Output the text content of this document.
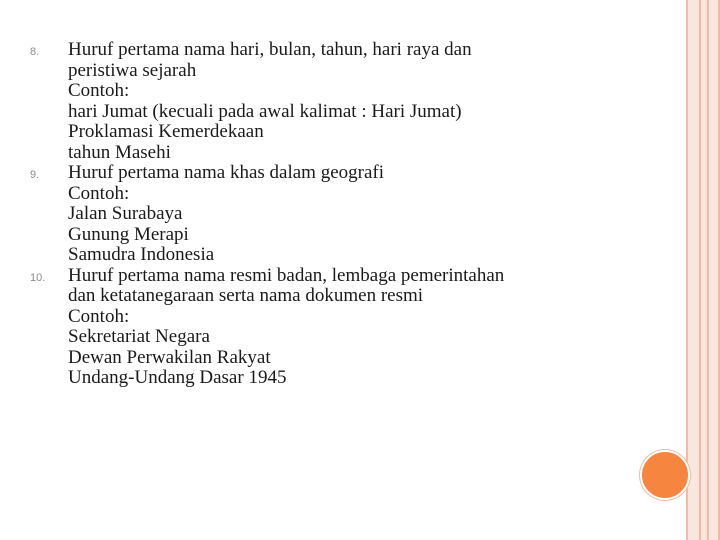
8.	Huruf pertama nama hari, bulan, tahun, hari raya dan
peristiwa sejarah
Contoh:
hari Jumat (kecuali pada awal kalimat : Hari Jumat)
Proklamasi Kemerdekaan
tahun Masehi
9.	Huruf pertama nama khas dalam geografi
Contoh:
Jalan Surabaya
Gunung Merapi
Samudra Indonesia
10.	Huruf pertama nama resmi badan, lembaga pemerintahan
dan ketatanegaraan serta nama dokumen resmi
Contoh:
Sekretariat Negara
Dewan Perwakilan Rakyat
Undang-Undang Dasar 1945
